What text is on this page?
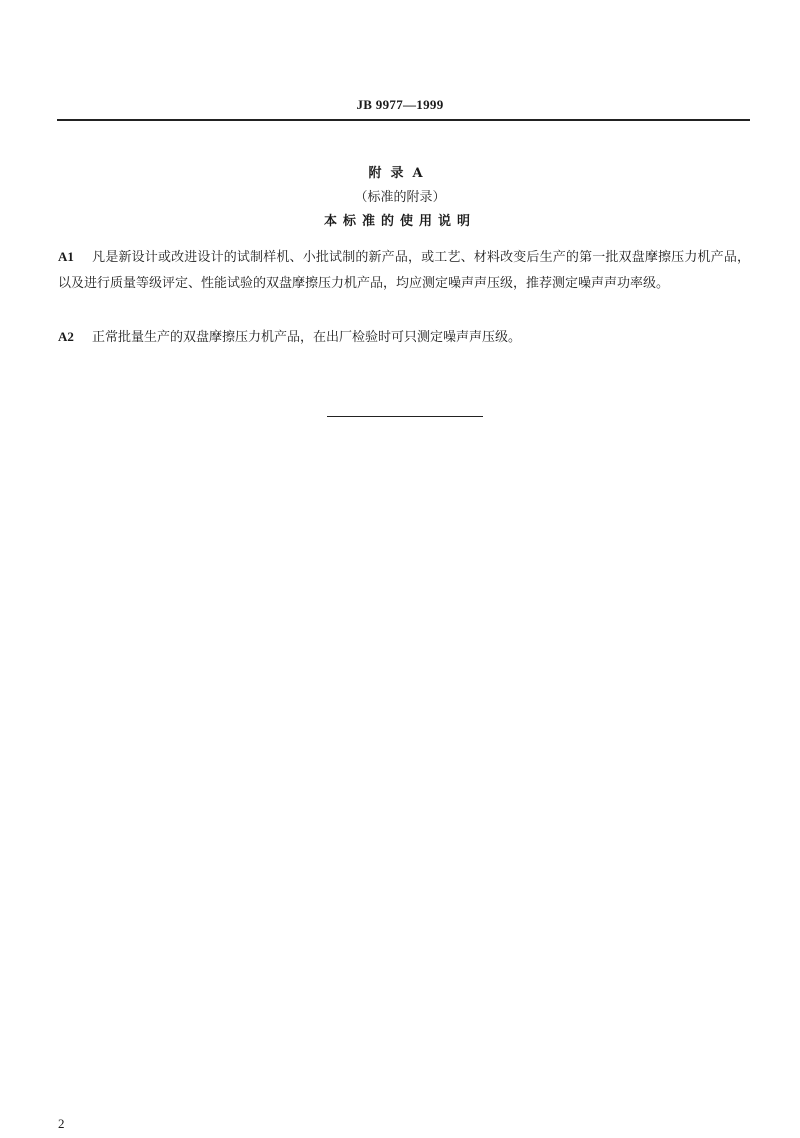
JB 9977—1999
附录A
（标准的附录）
本标准的使用说明
A1 凡是新设计或改进设计的试制样机、小批试制的新产品，或工艺、材料改变后生产的第一批双盘摩擦压力机产品，以及进行质量等级评定、性能试验的双盘摩擦压力机产品，均应测定噪声声压级，推荐测定噪声声功率级。
A2 正常批量生产的双盘摩擦压力机产品，在出厂检验时可只测定噪声声压级。
2
